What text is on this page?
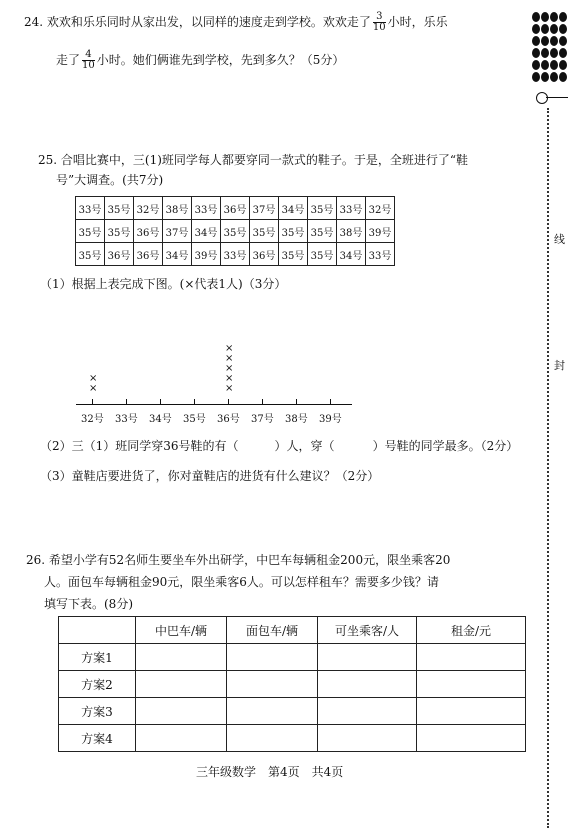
24. 欢欢和乐乐同时从家出发，以同样的速度走到学校。欢欢走了 $\frac{3}{10}$ 小时，乐乐
走了 $\frac{4}{10}$ 小时。她们俩谁先到学校，先到多久？（5分）
25. 合唱比赛中，三(1)班同学每人都要穿同一款式的鞋子。于是，全班进行了“鞋
号”大调查。(共7分)
33号	35号	32号	38号	33号	36号	37号	34号	35号	33号	32号
35号	35号	36号	37号	34号	35号	35号	35号	35号	38号	39号
35号	36号	36号	34号	39号	33号	36号	35号	35号	34号	33号
（1）根据上表完成下图。(×代表1人)（3分）
32号
×
×
33号 34号 35号 36号
×
×
×
×
×
37号 38号 39号
（2）三（1）班同学穿36号鞋的有（	）人，穿（	）号鞋的同学最多。（2分）
（3）童鞋店要进货了，你对童鞋店的进货有什么建议？（2分）
26. 希望小学有52名师生要坐车外出研学，中巴车每辆租金200元，限坐乘客20
人。面包车每辆租金90元，限坐乘客6人。可以怎样租车？需要多少钱？请
填写下表。(8分)
	中巴车/辆	面包车/辆	可坐乘客/人	租金/元
方案1				
方案2				
方案3				
方案4				
三年级数学　第4页　共4页
线
封
